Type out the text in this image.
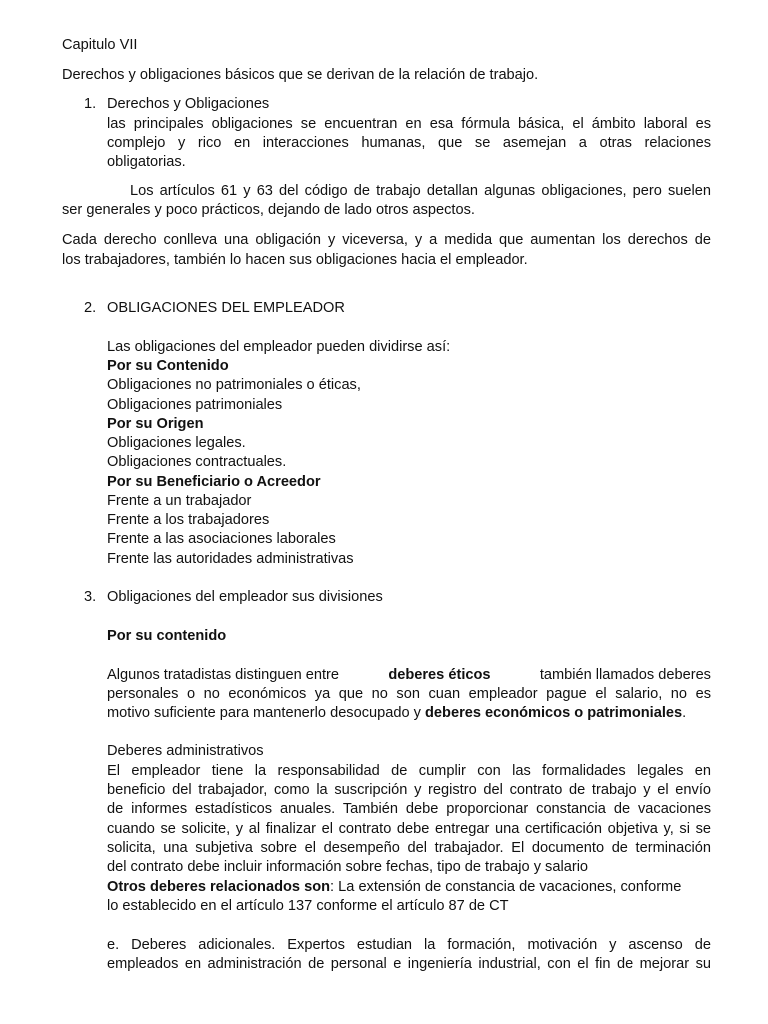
Capitulo VII
Derechos y obligaciones básicos que se derivan de la relación de trabajo.
1. Derechos y Obligaciones
las principales obligaciones se encuentran en esa fórmula básica, el ámbito laboral es
complejo y rico en interacciones humanas, que se asemejan a otras relaciones
obligatorias.
Los artículos 61 y 63 del código de trabajo detallan algunas obligaciones, pero suelen
ser generales y poco prácticos, dejando de lado otros aspectos.
Cada derecho conlleva una obligación y viceversa, y a medida que aumentan los derechos de
los trabajadores, también lo hacen sus obligaciones hacia el empleador.
2. OBLIGACIONES DEL EMPLEADOR
Las obligaciones del empleador pueden dividirse así:
Por su Contenido
Obligaciones no patrimoniales o éticas,
Obligaciones patrimoniales
Por su Origen
Obligaciones legales.
Obligaciones contractuales.
Por su Beneficiario o Acreedor
Frente a un trabajador
Frente a los trabajadores
Frente a las asociaciones laborales
Frente las autoridades administrativas
3. Obligaciones del empleador sus divisiones
Por su contenido
Algunos tratadistas distinguen entre	deberes éticos	también llamados deberes
personales o no económicos ya que no son cuan empleador pague el salario, no es
motivo suficiente para mantenerlo desocupado y deberes económicos o patrimoniales.
Deberes administrativos
El empleador tiene la responsabilidad de cumplir con las formalidades legales en
beneficio del trabajador, como la suscripción y registro del contrato de trabajo y el envío
de informes estadísticos anuales. También debe proporcionar constancia de vacaciones
cuando se solicite, y al finalizar el contrato debe entregar una certificación objetiva y, si se
solicita, una subjetiva sobre el desempeño del trabajador. El documento de terminación
del contrato debe incluir información sobre fechas, tipo de trabajo y salario
Otros deberes relacionados son: La extensión de constancia de vacaciones, conforme
lo establecido en el artículo 137 conforme el artículo 87 de CT
e. Deberes adicionales. Expertos estudian la formación, motivación y ascenso de
empleados en administración de personal e ingeniería industrial, con el fin de mejorar su
